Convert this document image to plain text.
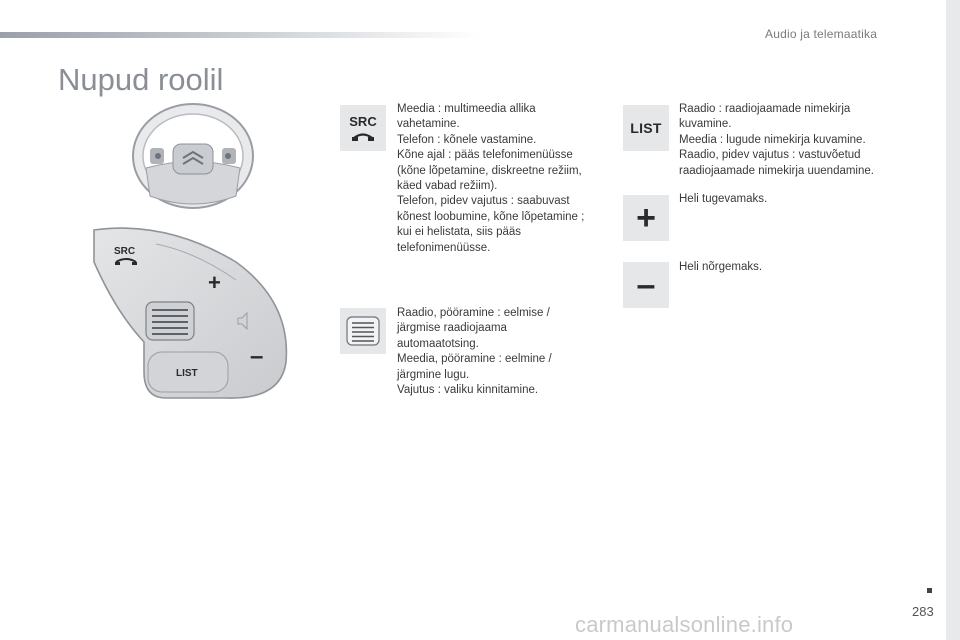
Audio ja telemaatika
Nupud roolil
SRC
+
–
LIST
SRC	LIST
+
–

Meedia : multimeedia allika

vahetamine.

Telefon : kõnele vastamine.

Kõne ajal : pääs telefonimenüüsse

(kõne lõpetamine, diskreetne režiim,

käed vabad režiim).

Telefon, pidev vajutus : saabuvast

kõnest loobumine, kõne lõpetamine ;

kui ei helistata, siis pääs

telefonimenüüsse.

Raadio, pööramine : eelmise /

järgmise raadiojaama

automaatotsing.

Meedia, pööramine : eelmine /

järgmine lugu.

Vajutus : valiku kinnitamine.

Raadio : raadiojaamade nimekirja

kuvamine.

Meedia : lugude nimekirja kuvamine.

Raadio, pidev vajutus : vastuvõetud

raadiojaamade nimekirja uuendamine.

Heli tugevamaks.

Heli nõrgemaks.

283
carmanualsonline.info
